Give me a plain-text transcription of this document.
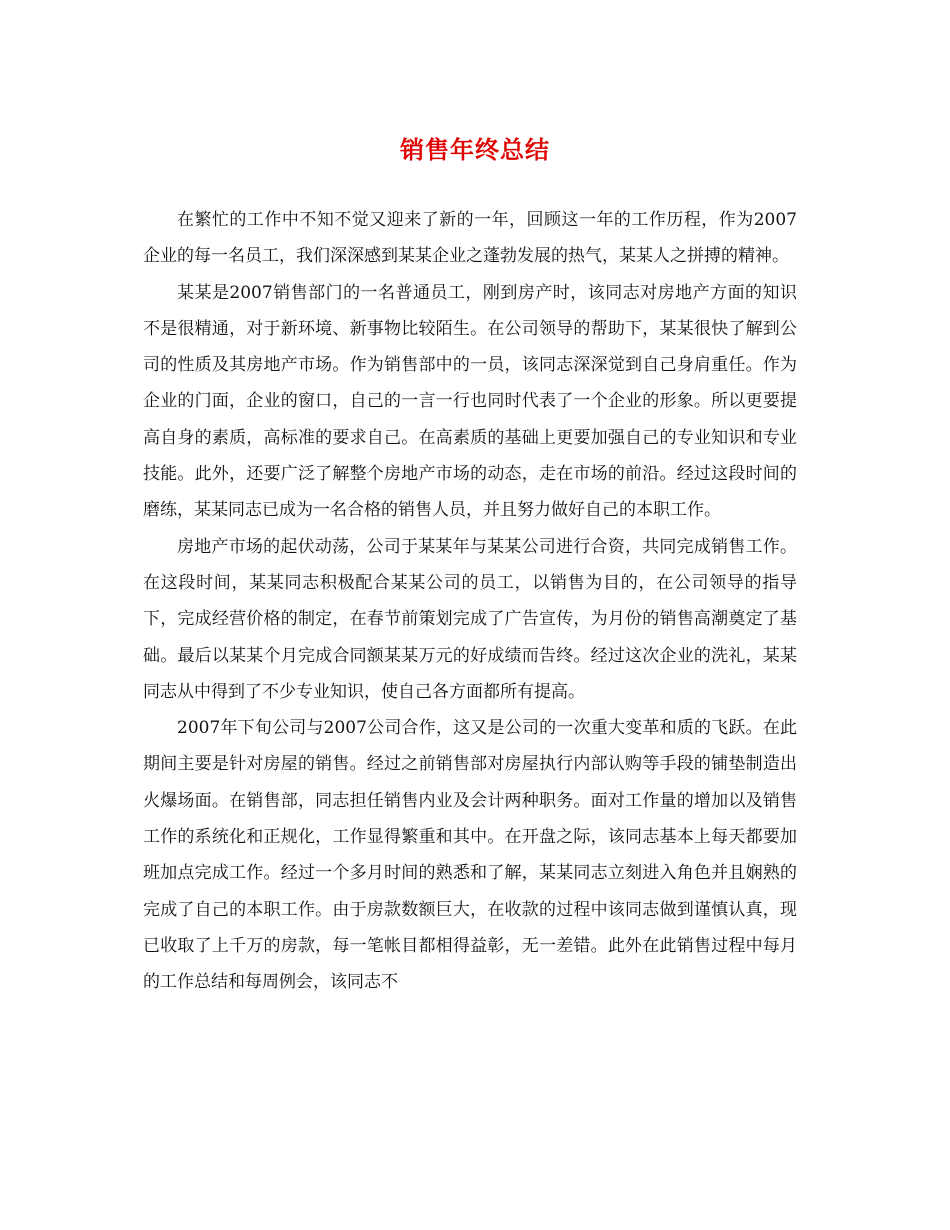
销售年终总结

在繁忙的工作中不知不觉又迎来了新的一年，回顾这一年的工作历程，作为2007企业的每一名员工，我们深深感到某某企业之蓬勃发展的热气，某某人之拼搏的精神。

某某是2007销售部门的一名普通员工，刚到房产时，该同志对房地产方面的知识不是很精通，对于新环境、新事物比较陌生。在公司领导的帮助下，某某很快了解到公司的性质及其房地产市场。作为销售部中的一员，该同志深深觉到自己身肩重任。作为企业的门面，企业的窗口，自己的一言一行也同时代表了一个企业的形象。所以更要提高自身的素质，高标准的要求自己。在高素质的基础上更要加强自己的专业知识和专业技能。此外，还要广泛了解整个房地产市场的动态，走在市场的前沿。经过这段时间的磨练，某某同志已成为一名合格的销售人员，并且努力做好自己的本职工作。

房地产市场的起伏动荡，公司于某某年与某某公司进行合资，共同完成销售工作。在这段时间，某某同志积极配合某某公司的员工，以销售为目的，在公司领导的指导下，完成经营价格的制定，在春节前策划完成了广告宣传，为月份的销售高潮奠定了基础。最后以某某个月完成合同额某某万元的好成绩而告终。经过这次企业的洗礼，某某同志从中得到了不少专业知识，使自己各方面都所有提高。

2007年下旬公司与2007公司合作，这又是公司的一次重大变革和质的飞跃。在此期间主要是针对房屋的销售。经过之前销售部对房屋执行内部认购等手段的铺垫制造出火爆场面。在销售部，同志担任销售内业及会计两种职务。面对工作量的增加以及销售工作的系统化和正规化，工作显得繁重和其中。在开盘之际，该同志基本上每天都要加班加点完成工作。经过一个多月时间的熟悉和了解，某某同志立刻进入角色并且娴熟的完成了自己的本职工作。由于房款数额巨大，在收款的过程中该同志做到谨慎认真，现已收取了上千万的房款，每一笔帐目都相得益彰，无一差错。此外在此销售过程中每月的工作总结和每周例会，该同志不
